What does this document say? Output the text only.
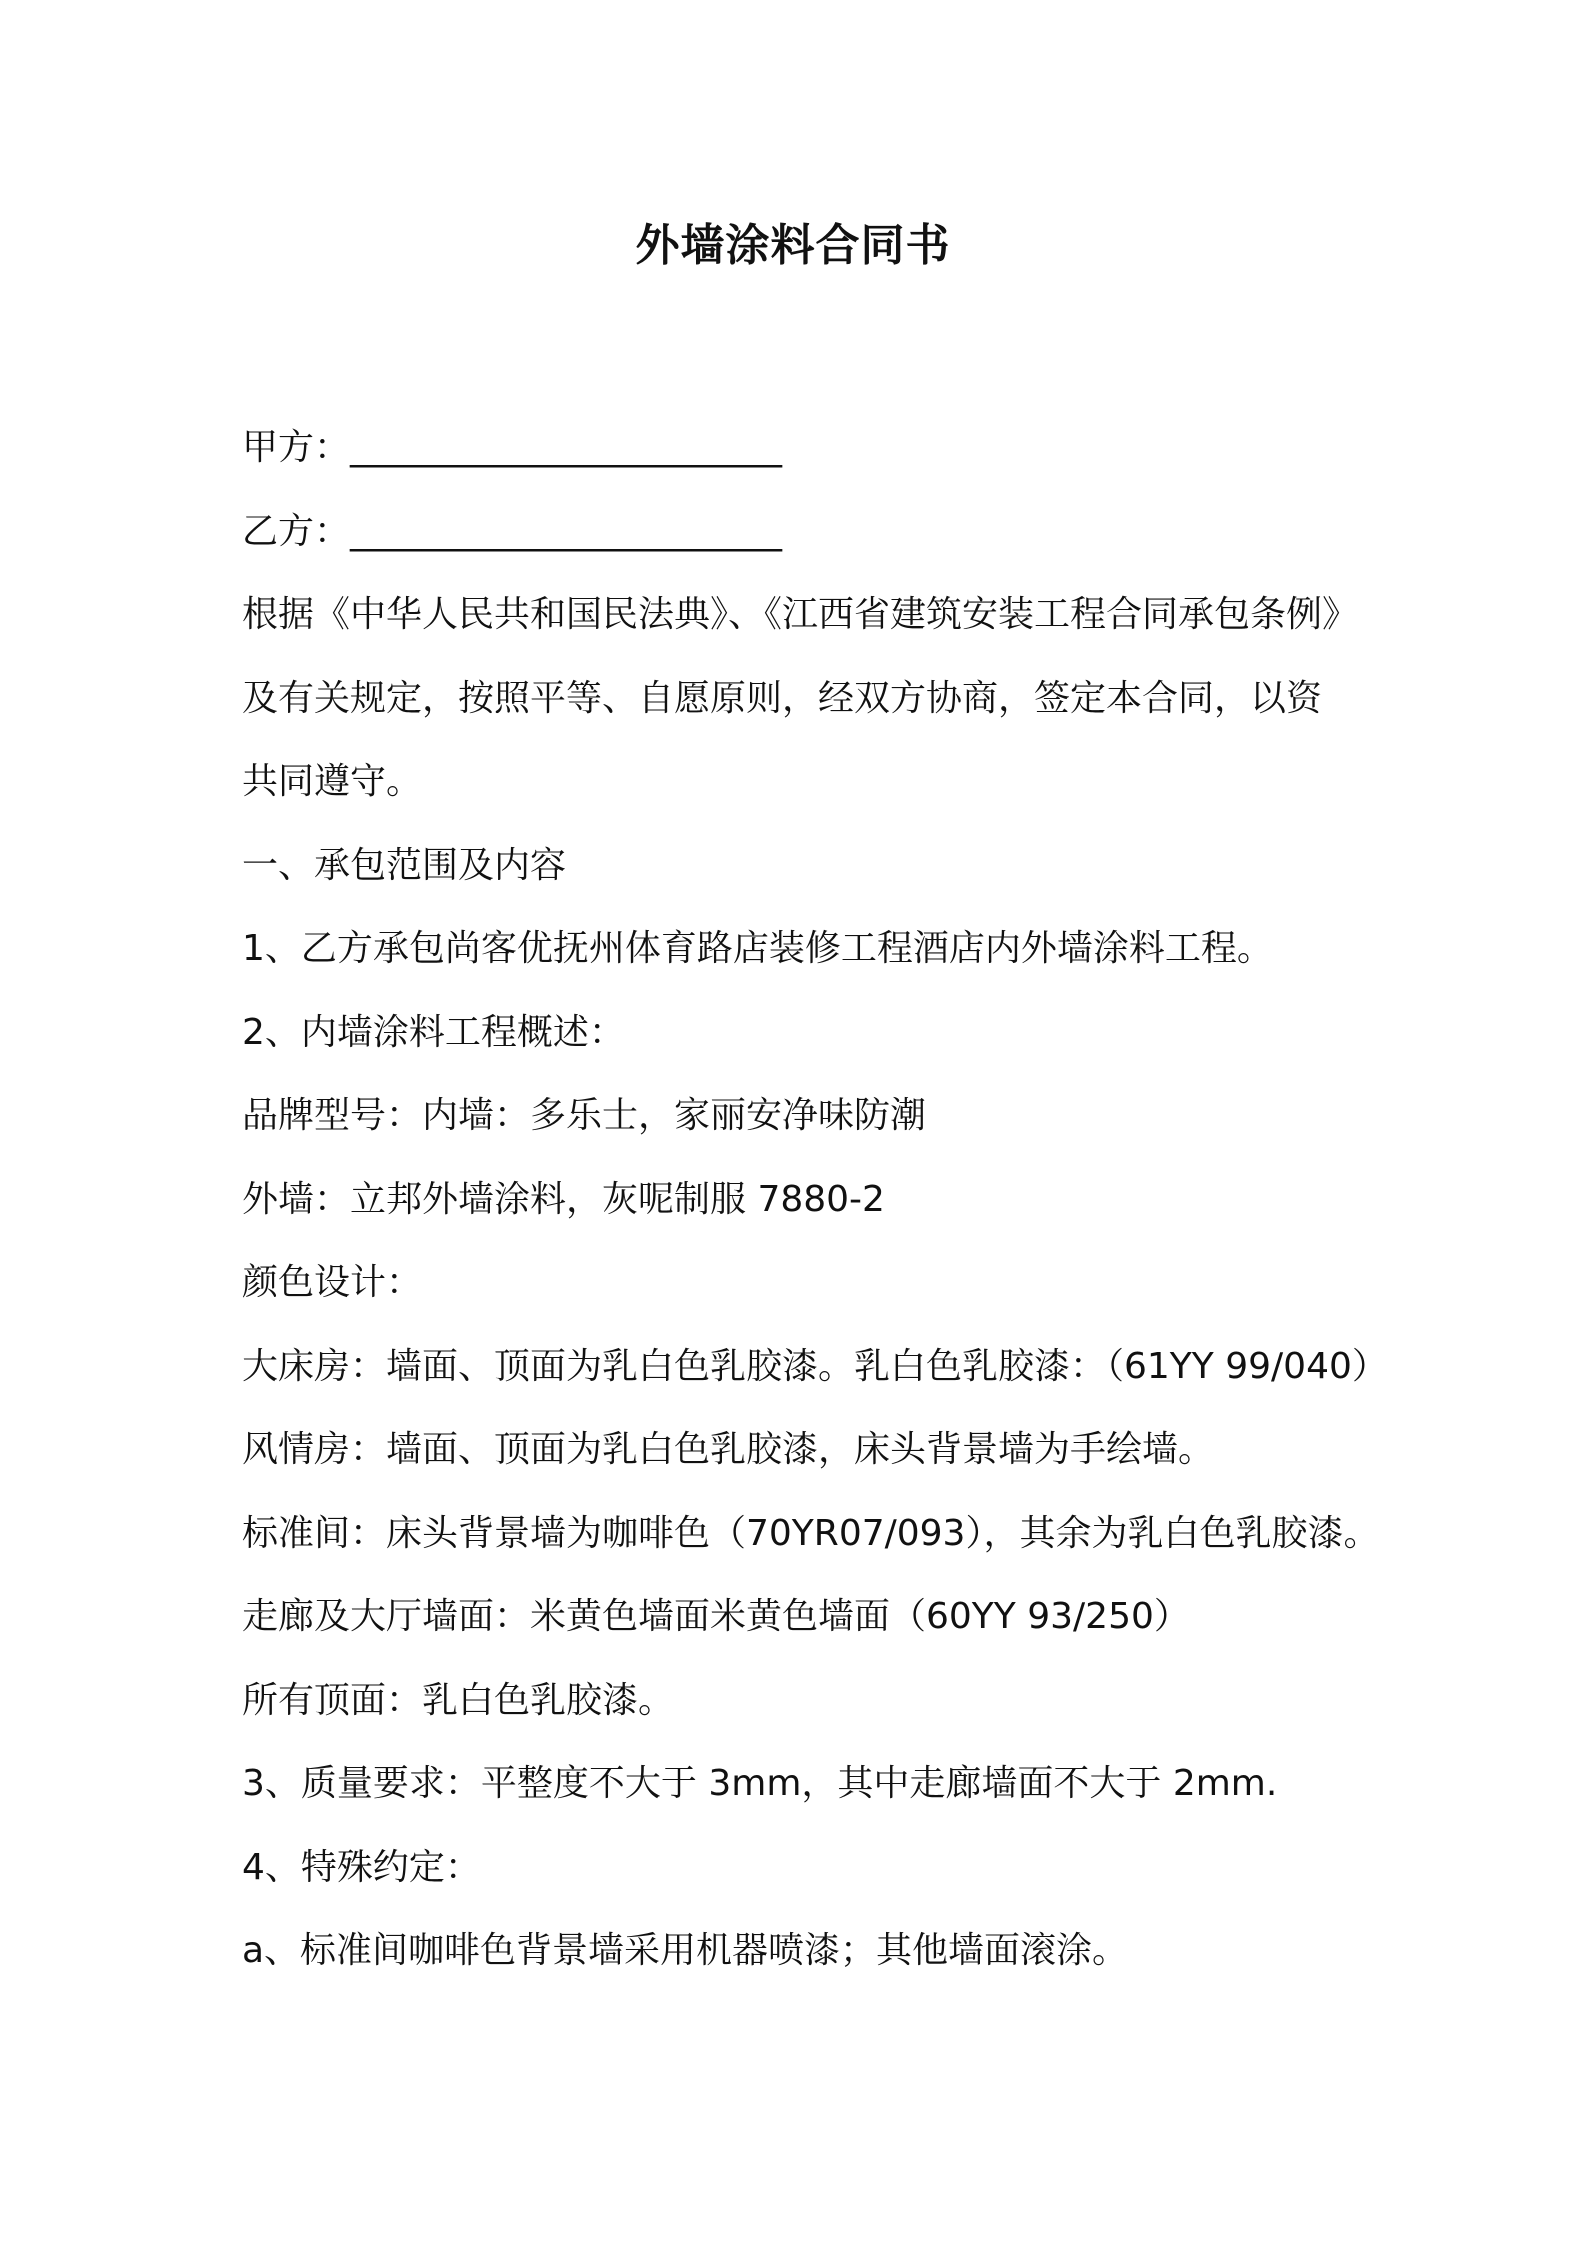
外墙涂料合同书
甲方：________________________
乙方：________________________
根据《中华人民共和国民法典》、《江西省建筑安装工程合同承包条例》
及有关规定，按照平等、自愿原则，经双方协商，签定本合同，以资
共同遵守。
一、承包范围及内容
1、乙方承包尚客优抚州体育路店装修工程酒店内外墙涂料工程。
2、内墙涂料工程概述：
品牌型号：内墙：多乐士，家丽安净味防潮
外墙：立邦外墙涂料，灰呢制服 7880-2
颜色设计：
大床房：墙面、顶面为乳白色乳胶漆。乳白色乳胶漆：（61YY 99/040）
风情房：墙面、顶面为乳白色乳胶漆，床头背景墙为手绘墙。
标准间：床头背景墙为咖啡色（70YR07/093），其余为乳白色乳胶漆。
走廊及大厅墙面：米黄色墙面米黄色墙面（60YY 93/250）
所有顶面：乳白色乳胶漆。
3、质量要求：平整度不大于 3mm，其中走廊墙面不大于 2mm.
4、特殊约定：
a、标准间咖啡色背景墙采用机器喷漆；其他墙面滚涂。
